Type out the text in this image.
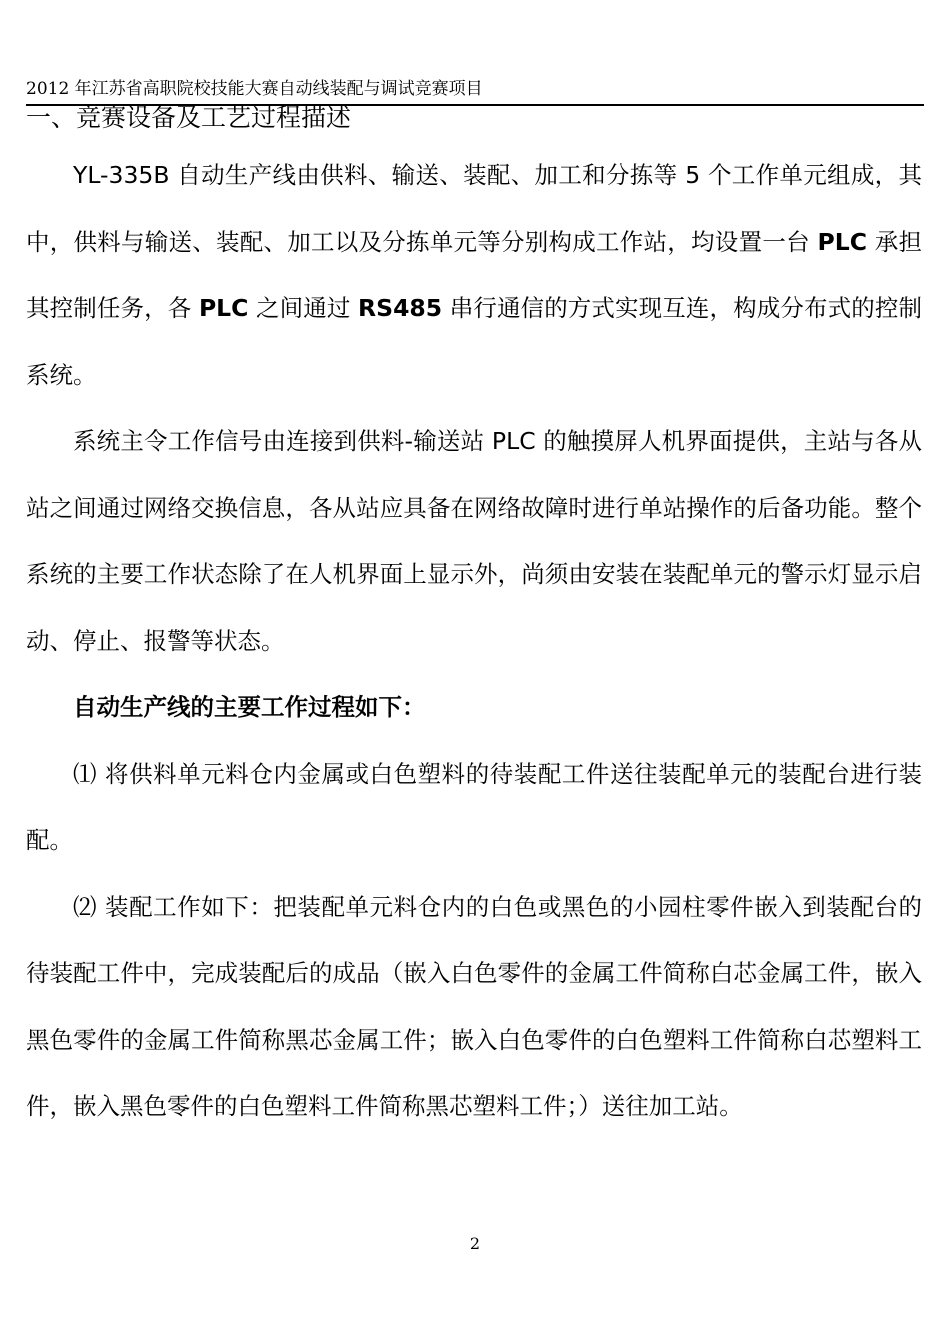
2012 年江苏省高职院校技能大赛自动线装配与调试竞赛项目
一、竞赛设备及工艺过程描述

YL-335B 自动生产线由供料、输送、装配、加工和分拣等 5 个工作单元组成，其中，供料与输送、装配、加工以及分拣单元等分别构成工作站，均设置一台 PLC 承担其控制任务，各 PLC 之间通过 RS485 串行通信的方式实现互连，构成分布式的控制系统。

系统主令工作信号由连接到供料-输送站 PLC 的触摸屏人机界面提供，主站与各从站之间通过网络交换信息，各从站应具备在网络故障时进行单站操作的后备功能。整个系统的主要工作状态除了在人机界面上显示外，尚须由安装在装配单元的警示灯显示启动、停止、报警等状态。

自动生产线的主要工作过程如下：

⑴ 将供料单元料仓内金属或白色塑料的待装配工件送往装配单元的装配台进行装配。

⑵ 装配工作如下：把装配单元料仓内的白色或黑色的小园柱零件嵌入到装配台的待装配工件中，完成装配后的成品（嵌入白色零件的金属工件简称白芯金属工件，嵌入黑色零件的金属工件简称黑芯金属工件；嵌入白色零件的白色塑料工件简称白芯塑料工件，嵌入黑色零件的白色塑料工件简称黑芯塑料工件；）送往加工站。

2
